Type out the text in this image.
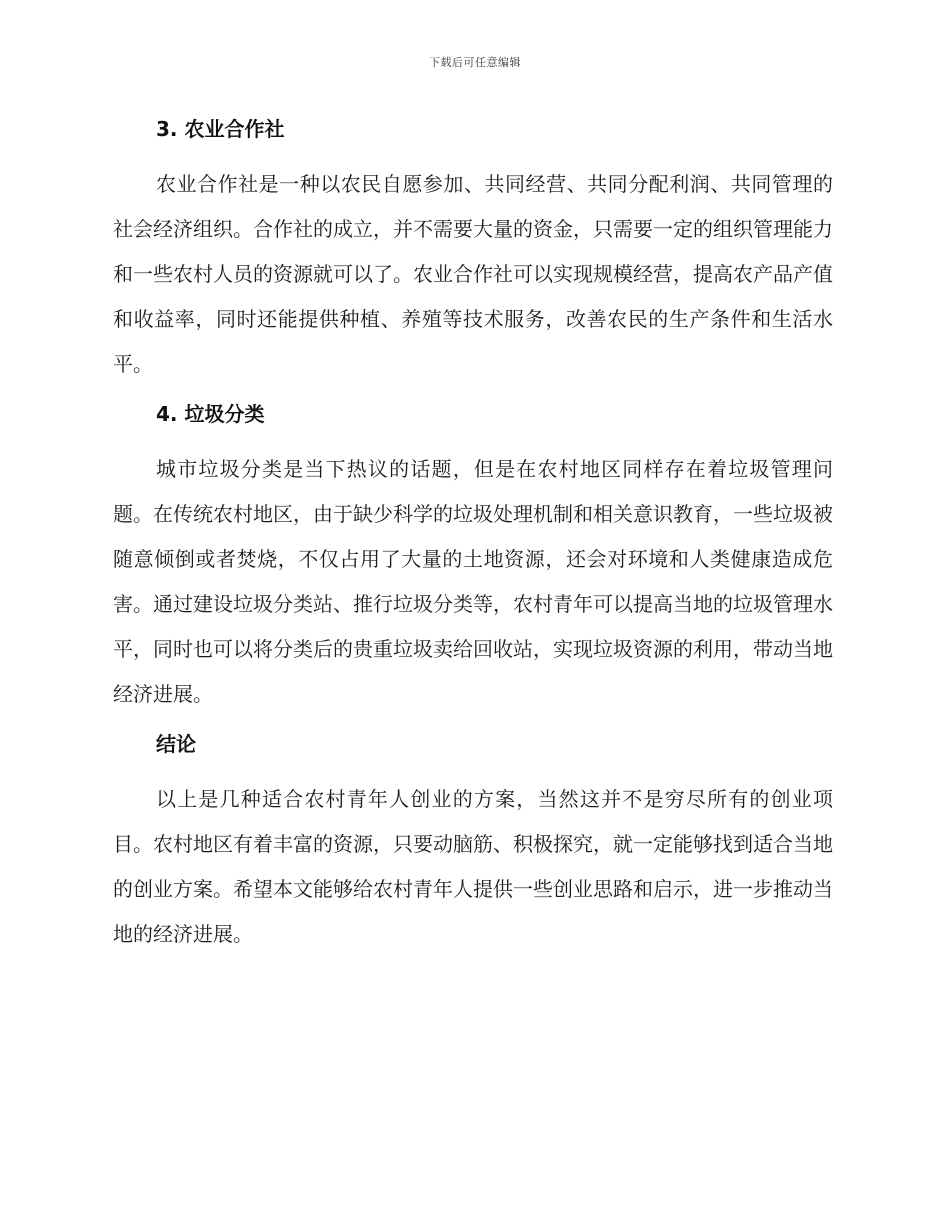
下载后可任意编辑
3. 农业合作社

农业合作社是一种以农民自愿参加、共同经营、共同分配利润、共同管理的社会经济组织。合作社的成立，并不需要大量的资金，只需要一定的组织管理能力和一些农村人员的资源就可以了。农业合作社可以实现规模经营，提高农产品产值和收益率，同时还能提供种植、养殖等技术服务，改善农民的生产条件和生活水平。

4. 垃圾分类

城市垃圾分类是当下热议的话题，但是在农村地区同样存在着垃圾管理问题。在传统农村地区，由于缺少科学的垃圾处理机制和相关意识教育，一些垃圾被随意倾倒或者焚烧，不仅占用了大量的土地资源，还会对环境和人类健康造成危害。通过建设垃圾分类站、推行垃圾分类等，农村青年可以提高当地的垃圾管理水平，同时也可以将分类后的贵重垃圾卖给回收站，实现垃圾资源的利用，带动当地经济进展。

结论

以上是几种适合农村青年人创业的方案，当然这并不是穷尽所有的创业项目。农村地区有着丰富的资源，只要动脑筋、积极探究，就一定能够找到适合当地的创业方案。希望本文能够给农村青年人提供一些创业思路和启示，进一步推动当地的经济进展。
